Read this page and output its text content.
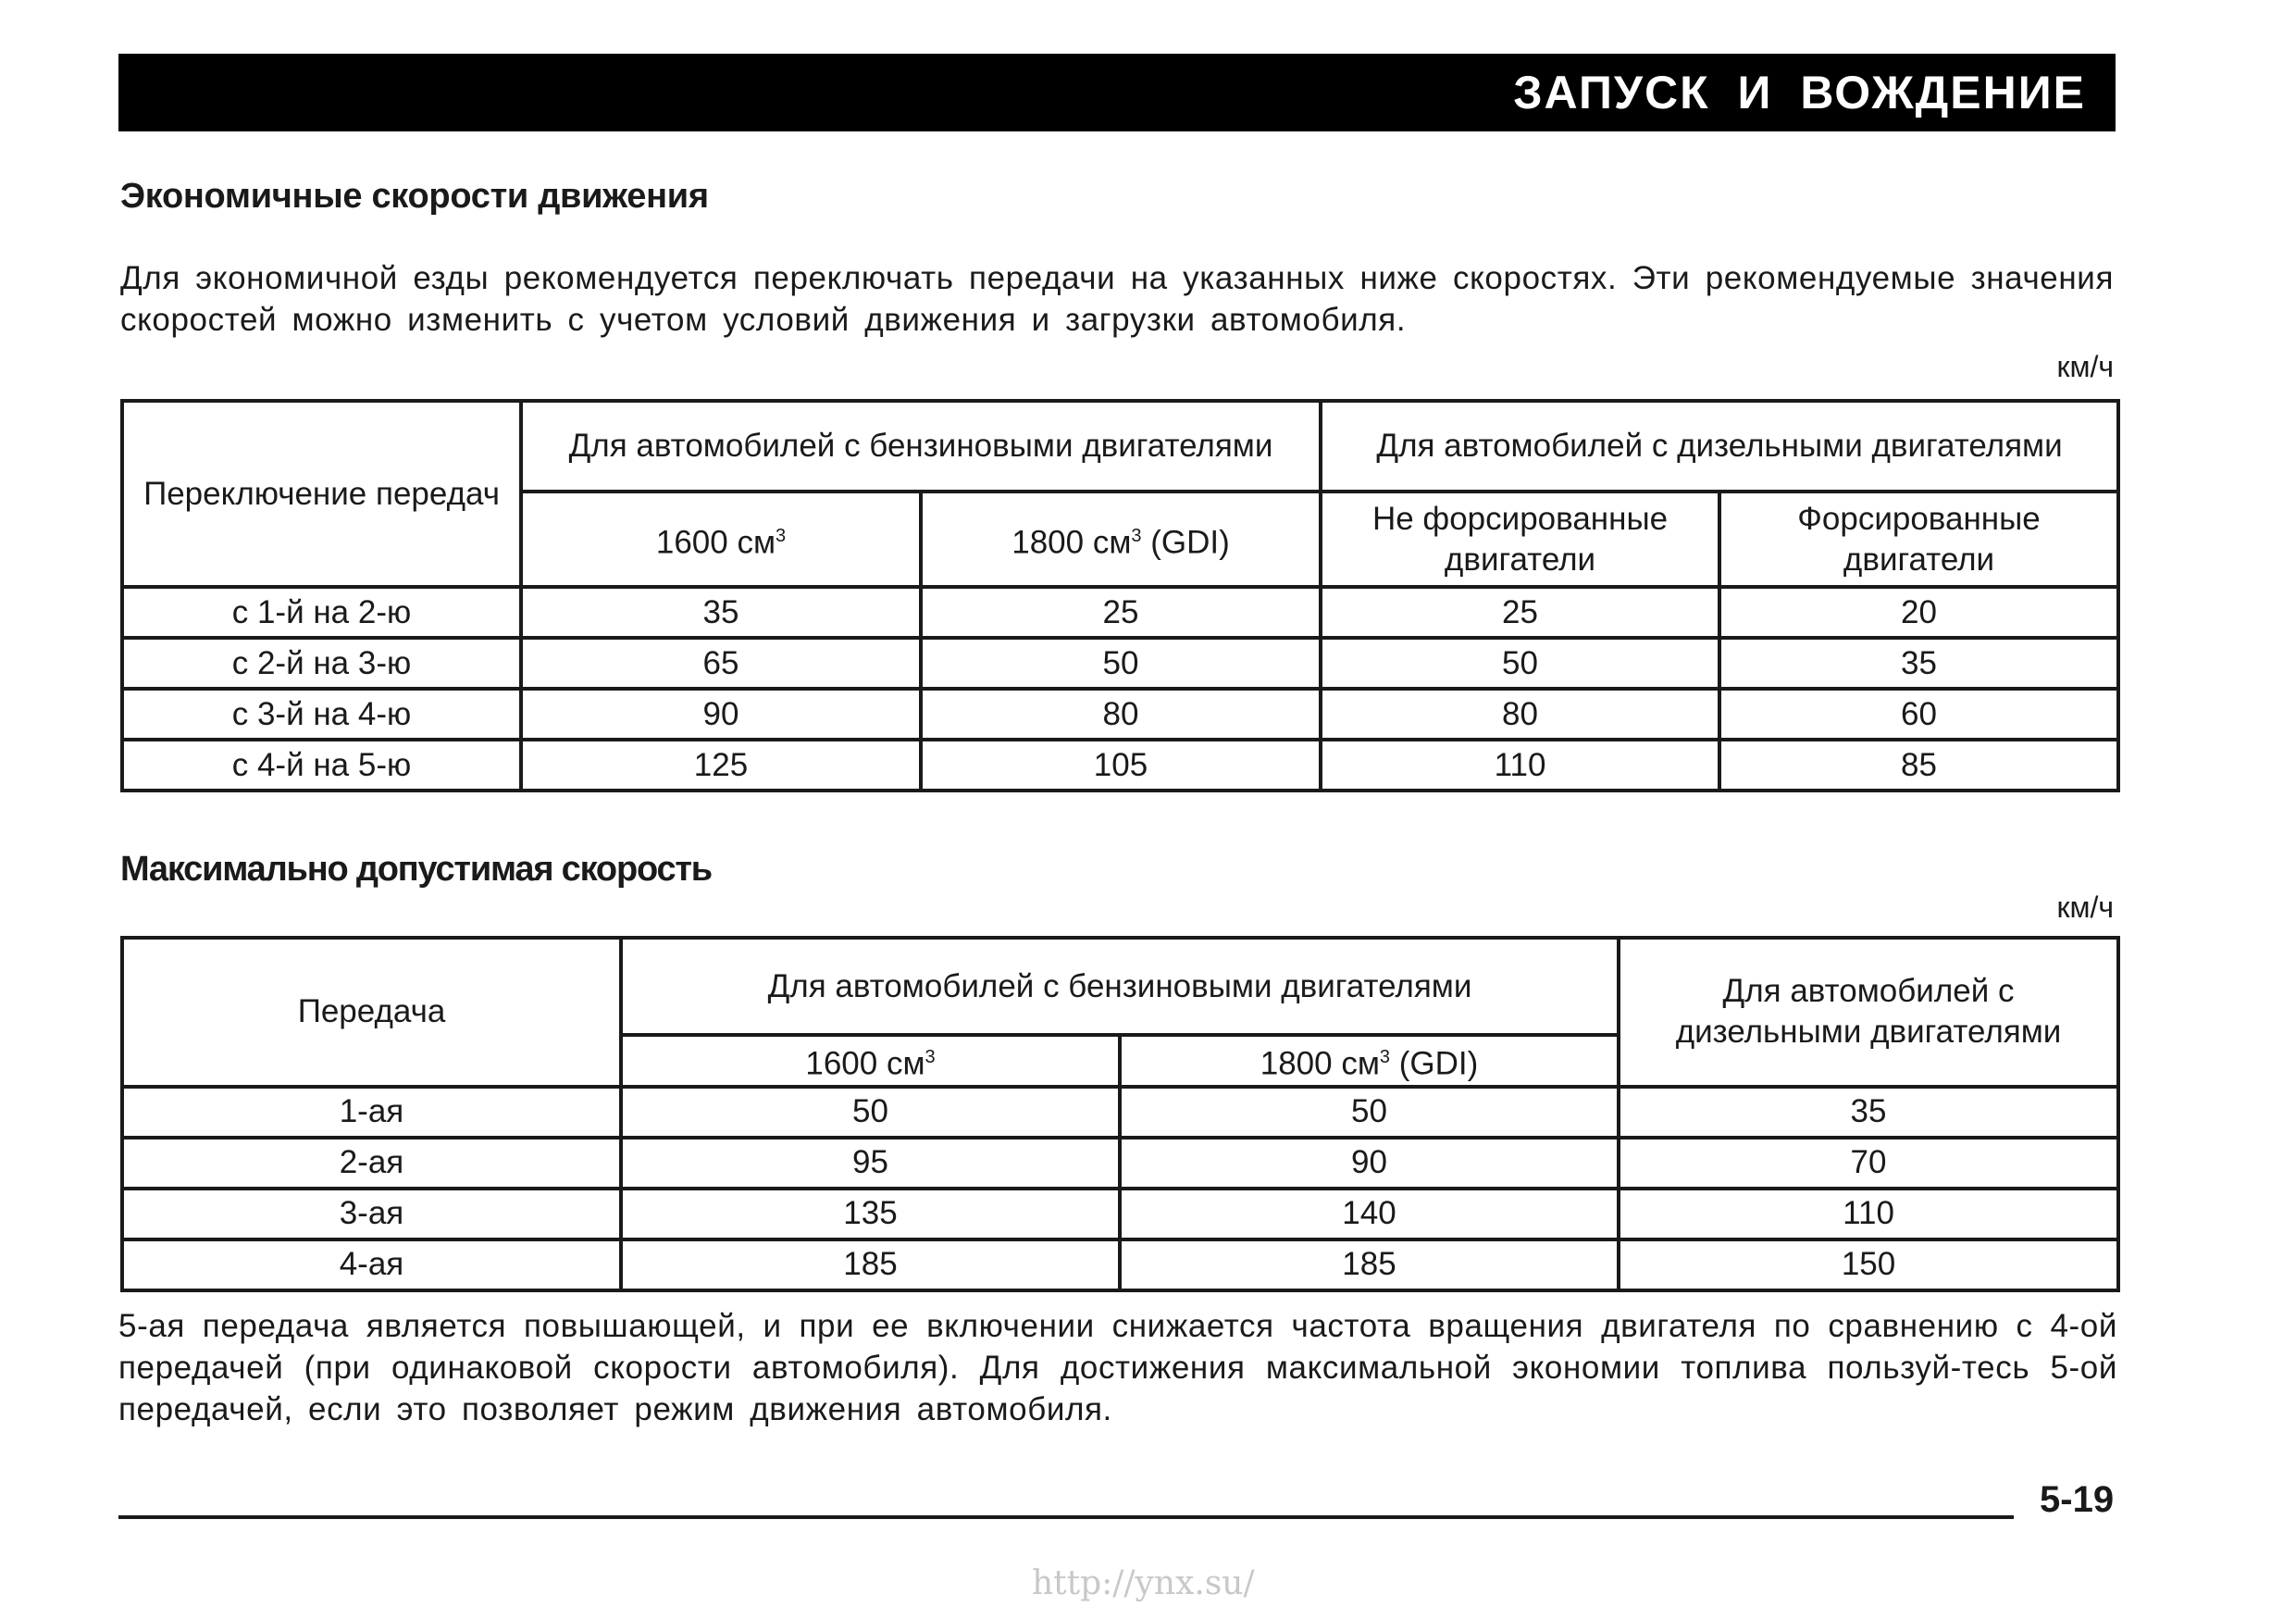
ЗАПУСК И ВОЖДЕНИЕ
Экономичные скорости движения
Для экономичной езды рекомендуется переключать передачи на указанных ниже скоростях. Эти рекомендуемые значения скоростей можно изменить с учетом условий движения и загрузки автомобиля.
км/ч
Переключение передач	Для автомобилей с бензиновыми двигателями		Для автомобилей с дизельными двигателями	
	1600 $см^3$	1800 $см^3$ (GDI)	Не форсированные двигатели	Форсированные двигатели
с 1-й на 2-ю	35	25	25	20
с 2-й на 3-ю	65	50	50	35
с 3-й на 4-ю	90	80	80	60
с 4-й на 5-ю	125	105	110	85
Максимально допустимая скорость
км/ч
Передача	Для автомобилей с бензиновыми двигателями		Для автомобилей с дизельными двигателями
	1600 $см^3$	1800 $см^3$ (GDI)	
1-ая	50	50	35
2-ая	95	90	70
3-ая	135	140	110
4-ая	185	185	150
5-ая передача является повышающей, и при ее включении снижается частота вращения двигателя по сравнению с 4-ой передачей (при одинаковой скорости автомобиля). Для достижения максимальной экономии топлива пользуй-тесь 5-ой передачей, если это позволяет режим движения автомобиля.
5-19
http://ynx.su/
